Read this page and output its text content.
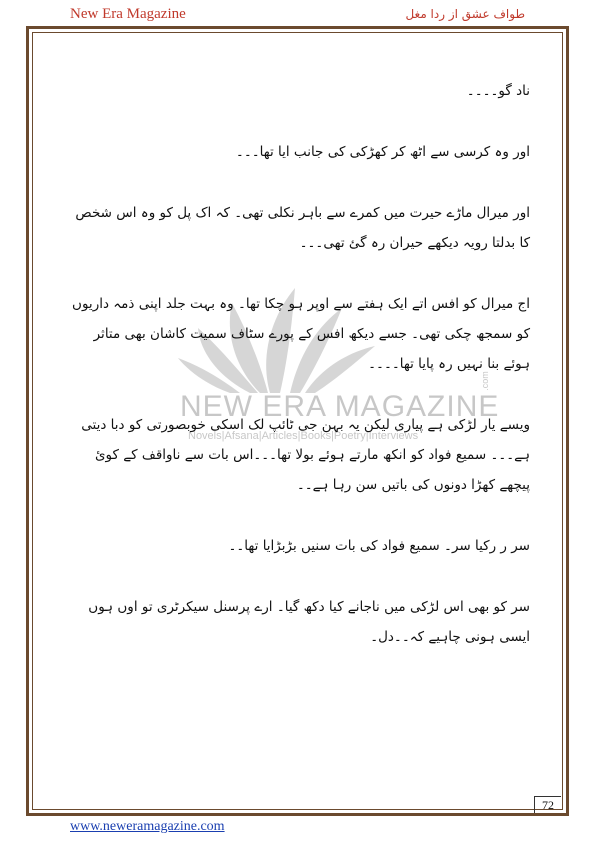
New Era Magazine	طواف عشق از ردا مغل
NEW ERA MAGAZINE
Novels|Afsana|Articles|Books|Poetry|Interviews
.com

ناد گو۔۔۔۔

اور وہ کرسی سے اٹھ کر کھڑکی کی جانب ایا تھا۔۔۔

اور میرال ماڑے حیرت میں کمرے سے باہر نکلی تھی۔ کہ اک پل کو وہ اس شخص کا بدلتا رویہ دیکھے حیران رہ گئ تھی۔۔۔

اج میرال کو افس اتے ایک ہفتے سے اوپر ہو چکا تھا۔ وہ بہت جلد اپنی ذمہ داریوں کو سمجھ چکی تھی۔ جسے دیکھ افس کے پورے سٹاف سمیت کاشان بھی متاثر ہوئے بنا نہیں رہ پایا تھا۔۔۔۔

ویسے یار لڑکی ہے پیاری لیکن یہ بہن جی ٹائپ لک اسکی خوبصورتی کو دبا دیتی ہے۔۔۔ سمیع فواد کو انکھ مارتے ہوئے بولا تھا۔۔۔اس بات سے ناواقف کے کوئ پیچھے کھڑا دونوں کی باتیں سن رہا ہے۔۔

سر ر رکیا سر۔ سمیع فواد کی بات سنیں بڑبڑایا تھا۔۔

سر کو بھی اس لڑکی میں ناجانے کیا دکھ گیا۔ ارے پرسنل سیکرٹری تو اوں ہوں ایسی ہونی چاہیے کہ۔۔دل۔

72
www.neweramagazine.com
